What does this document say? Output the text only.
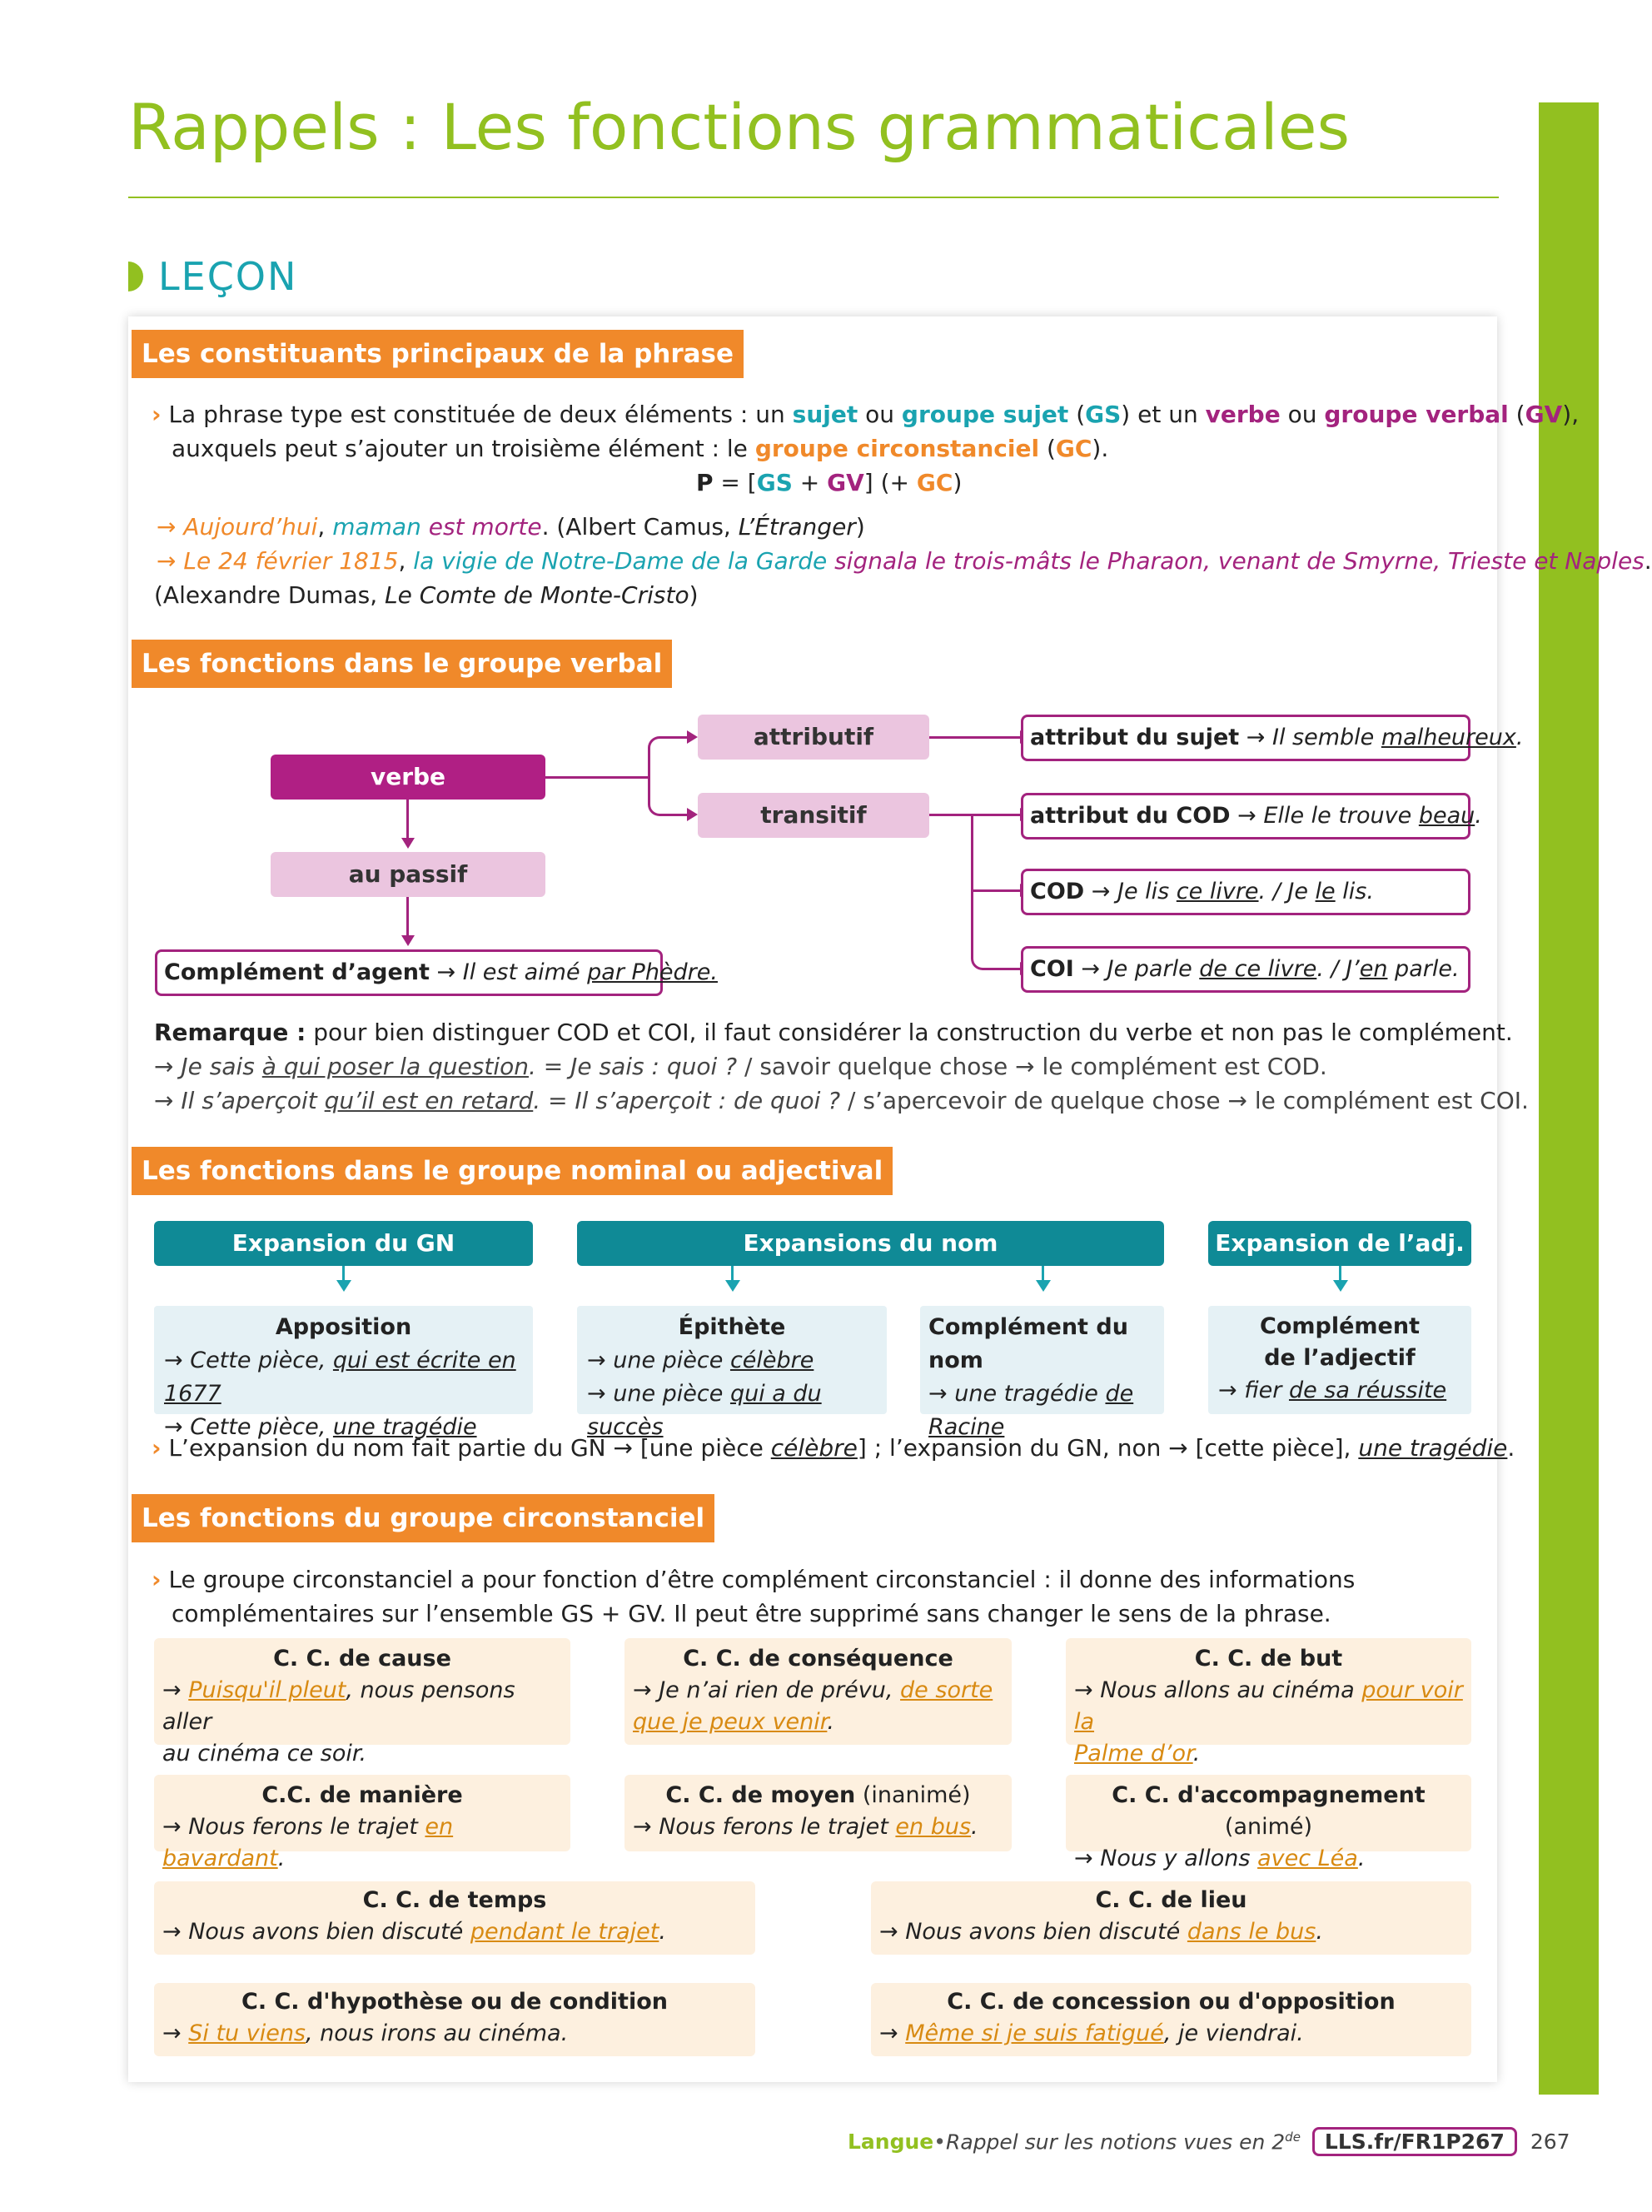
Rappels : Les fonctions grammaticales
LEÇON
Les constituants principaux de la phrase
› La phrase type est constituée de deux éléments : un sujet ou groupe sujet (GS) et un verbe ou groupe verbal (GV),
auxquels peut s’ajouter un troisième élément : le groupe circonstanciel (GC).
P = [GS + GV] (+ GC)
→ Aujourd’hui, maman est morte. (Albert Camus, L’Étranger)
→ Le 24 février 1815, la vigie de Notre-Dame de la Garde signala le trois-mâts le Pharaon, venant de Smyrne, Trieste et Naples.
(Alexandre Dumas, Le Comte de Monte-Cristo)
Les fonctions dans le groupe verbal
verbe
au passif
attributif
transitif
Complément d’agent → Il est aimé par Phèdre.
attribut du sujet → Il semble malheureux.
attribut du COD → Elle le trouve beau.
COD → Je lis ce livre. / Je le lis.
COI → Je parle de ce livre. / J’en parle.
Remarque : pour bien distinguer COD et COI, il faut considérer la construction du verbe et non pas le complément.
→ Je sais à qui poser la question. = Je sais : quoi ? / savoir quelque chose → le complément est COD.
→ Il s’aperçoit qu’il est en retard. = Il s’aperçoit : de quoi ? / s’apercevoir de quelque chose → le complément est COI.
Les fonctions dans le groupe nominal ou adjectival
Expansion du GN	Expansions du nom	Expansion de l’adj.
Apposition
→ Cette pièce, qui est écrite en 1677
→ Cette pièce, une tragédie
Épithète
→ une pièce célèbre
→ une pièce qui a du succès
Complément du nom
→ une tragédie de
Racine
Complément
de l’adjectif
→ fier de sa réussite
› L’expansion du nom fait partie du GN → [une pièce célèbre] ; l’expansion du GN, non → [cette pièce], une tragédie.
Les fonctions du groupe circonstanciel
› Le groupe circonstanciel a pour fonction d’être complément circonstanciel : il donne des informations
complémentaires sur l’ensemble GS + GV. Il peut être supprimé sans changer le sens de la phrase.
C. C. de cause
→ Puisqu'il pleut, nous pensons aller
au cinéma ce soir.
C. C. de conséquence
→ Je n’ai rien de prévu, de sorte
que je peux venir.
C. C. de but
→ Nous allons au cinéma pour voir la
Palme d’or.
C.C. de manière
→ Nous ferons le trajet en bavardant.
C. C. de moyen (inanimé)
→ Nous ferons le trajet en bus.
C. C. d'accompagnement (animé)
→ Nous y allons avec Léa.
C. C. de temps
→ Nous avons bien discuté pendant le trajet.
C. C. de lieu
→ Nous avons bien discuté dans le bus.
C. C. d'hypothèse ou de condition
→ Si tu viens, nous irons au cinéma.
C. C. de concession ou d'opposition
→ Même si je suis fatigué, je viendrai.
Langue • Rappel sur les notions vues en 2de	LLS.fr/FR1P267	267
